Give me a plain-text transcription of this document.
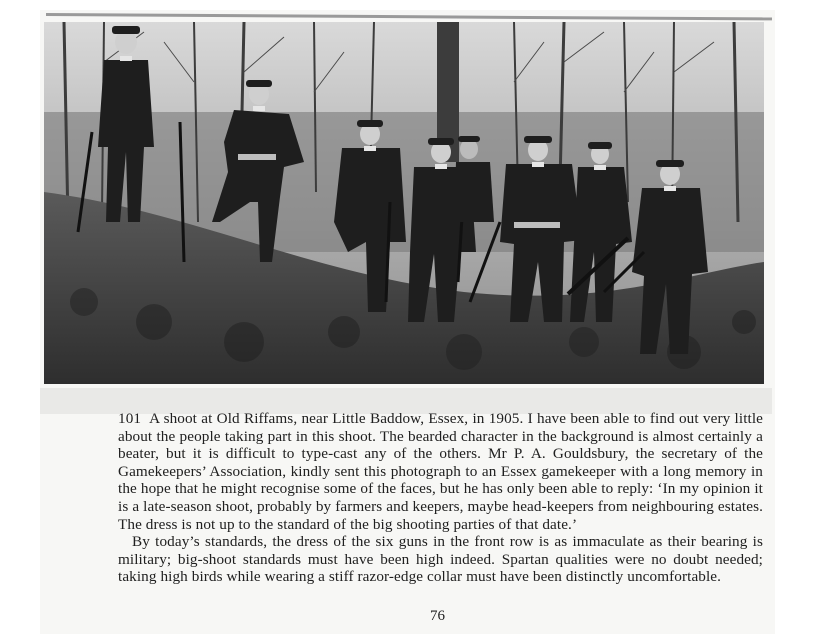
101 A shoot at Old Riffams, near Little Baddow, Essex, in 1905. I have been able to find out very little about the people taking part in this shoot. The bearded character in the background is almost certainly a beater, but it is difficult to type-cast any of the others. Mr P. A. Gouldsbury, the secretary of the Gamekeepers’ Association, kindly sent this photograph to an Essex gamekeeper with a long memory in the hope that he might recognise some of the faces, but he has only been able to reply: ‘In my opinion it is a late-season shoot, probably by farmers and keepers, maybe head-keepers from neighbouring estates. The dress is not up to the standard of the big shooting parties of that date.’

By today’s standards, the dress of the six guns in the front row is as immaculate as their bearing is military; big-shoot standards must have been high indeed. Spartan qualities were no doubt needed; taking high birds while wearing a stiff razor-edge collar must have been distinctly uncomfortable.

76
